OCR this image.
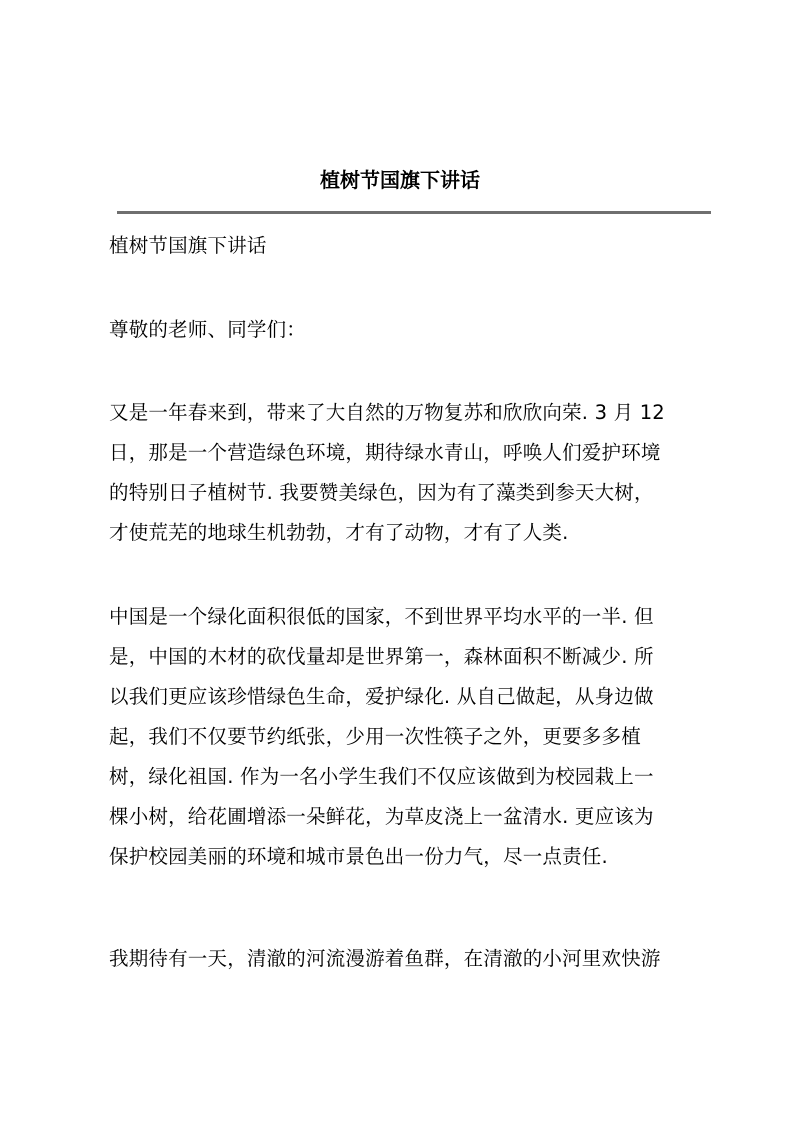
植树节国旗下讲话

植树节国旗下讲话

尊敬的老师、同学们：

又是一年春来到，带来了大自然的万物复苏和欣欣向荣. 3 月 12
日，那是一个营造绿色环境，期待绿水青山，呼唤人们爱护环境
的特别日子植树节. 我要赞美绿色，因为有了藻类到参天大树，
才使荒芜的地球生机勃勃，才有了动物，才有了人类.
中国是一个绿化面积很低的国家，不到世界平均水平的一半. 但
是，中国的木材的砍伐量却是世界第一，森林面积不断减少. 所
以我们更应该珍惜绿色生命，爱护绿化. 从自己做起，从身边做
起，我们不仅要节约纸张，少用一次性筷子之外，更要多多植
树，绿化祖国. 作为一名小学生我们不仅应该做到为校园栽上一
棵小树，给花圃增添一朵鲜花，为草皮浇上一盆清水. 更应该为
保护校园美丽的环境和城市景色出一份力气，尽一点责任.
我期待有一天，清澈的河流漫游着鱼群，在清澈的小河里欢快游
